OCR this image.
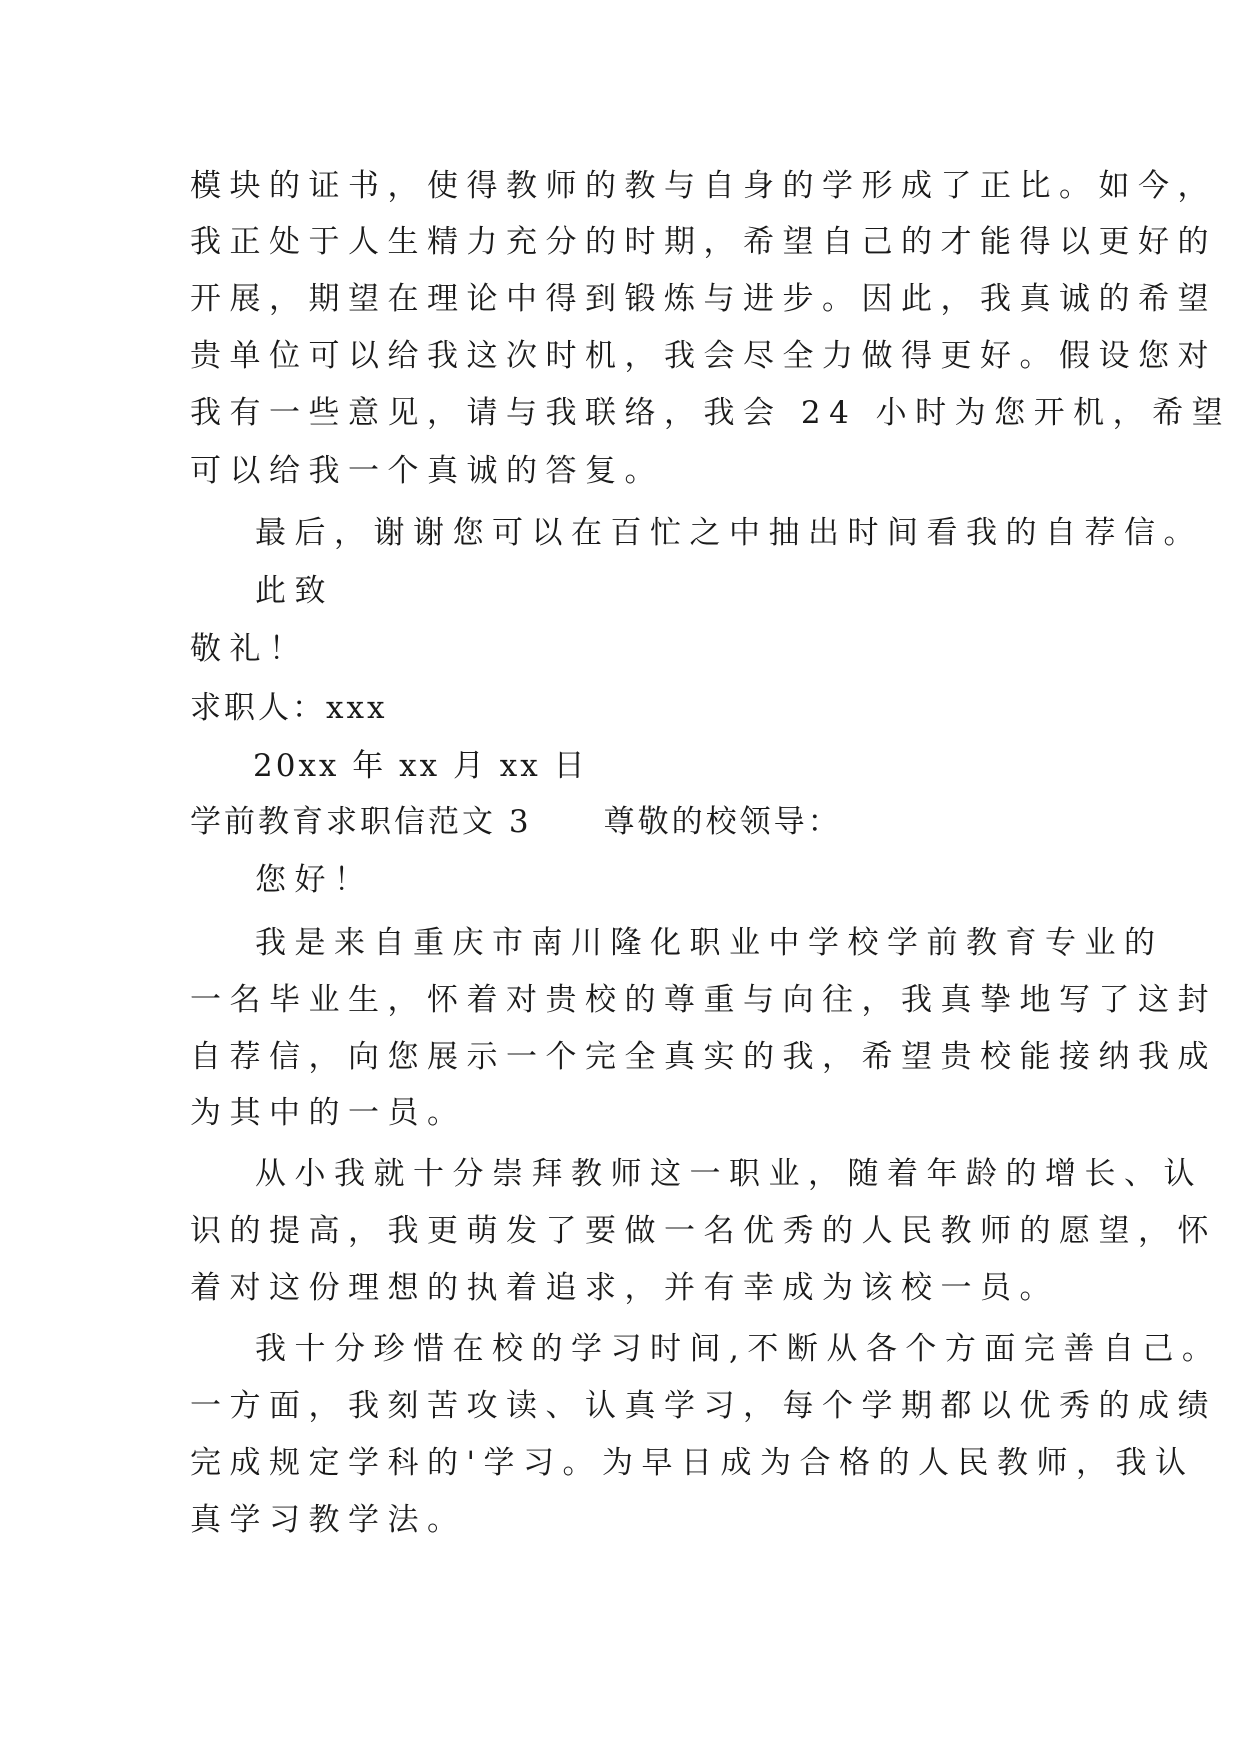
模块的证书，使得教师的教与自身的学形成了正比。如今，
我正处于人生精力充分的时期，希望自己的才能得以更好的
开展，期望在理论中得到锻炼与进步。因此，我真诚的希望
贵单位可以给我这次时机，我会尽全力做得更好。假设您对
我有一些意见，请与我联络，我会 24 小时为您开机，希望
可以给我一个真诚的答复。
最后，谢谢您可以在百忙之中抽出时间看我的自荐信。
此致
敬礼！
求职人：xxx
20xx 年 xx 月 xx 日
学前教育求职信范文 3 尊敬的校领导：
您好！
我是来自重庆市南川隆化职业中学校学前教育专业的
一名毕业生，怀着对贵校的尊重与向往，我真挚地写了这封
自荐信，向您展示一个完全真实的我，希望贵校能接纳我成
为其中的一员。
从小我就十分崇拜教师这一职业，随着年龄的增长、认
识的提高，我更萌发了要做一名优秀的人民教师的愿望，怀
着对这份理想的执着追求，并有幸成为该校一员。
我十分珍惜在校的学习时间,不断从各个方面完善自己。
一方面，我刻苦攻读、认真学习，每个学期都以优秀的成绩
完成规定学科的'学习。为早日成为合格的人民教师，我认
真学习教学法。
